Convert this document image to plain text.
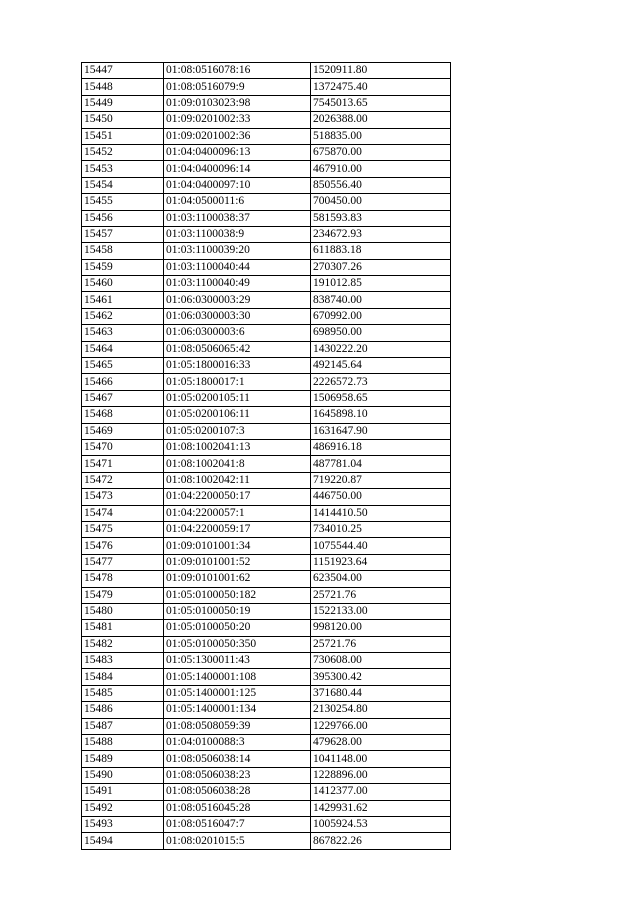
15447	01:08:0516078:16	1520911.80
15448	01:08:0516079:9	1372475.40
15449	01:09:0103023:98	7545013.65
15450	01:09:0201002:33	2026388.00
15451	01:09:0201002:36	518835.00
15452	01:04:0400096:13	675870.00
15453	01:04:0400096:14	467910.00
15454	01:04:0400097:10	850556.40
15455	01:04:0500011:6	700450.00
15456	01:03:1100038:37	581593.83
15457	01:03:1100038:9	234672.93
15458	01:03:1100039:20	611883.18
15459	01:03:1100040:44	270307.26
15460	01:03:1100040:49	191012.85
15461	01:06:0300003:29	838740.00
15462	01:06:0300003:30	670992.00
15463	01:06:0300003:6	698950.00
15464	01:08:0506065:42	1430222.20
15465	01:05:1800016:33	492145.64
15466	01:05:1800017:1	2226572.73
15467	01:05:0200105:11	1506958.65
15468	01:05:0200106:11	1645898.10
15469	01:05:0200107:3	1631647.90
15470	01:08:1002041:13	486916.18
15471	01:08:1002041:8	487781.04
15472	01:08:1002042:11	719220.87
15473	01:04:2200050:17	446750.00
15474	01:04:2200057:1	1414410.50
15475	01:04:2200059:17	734010.25
15476	01:09:0101001:34	1075544.40
15477	01:09:0101001:52	1151923.64
15478	01:09:0101001:62	623504.00
15479	01:05:0100050:182	25721.76
15480	01:05:0100050:19	1522133.00
15481	01:05:0100050:20	998120.00
15482	01:05:0100050:350	25721.76
15483	01:05:1300011:43	730608.00
15484	01:05:1400001:108	395300.42
15485	01:05:1400001:125	371680.44
15486	01:05:1400001:134	2130254.80
15487	01:08:0508059:39	1229766.00
15488	01:04:0100088:3	479628.00
15489	01:08:0506038:14	1041148.00
15490	01:08:0506038:23	1228896.00
15491	01:08:0506038:28	1412377.00
15492	01:08:0516045:28	1429931.62
15493	01:08:0516047:7	1005924.53
15494	01:08:0201015:5	867822.26
